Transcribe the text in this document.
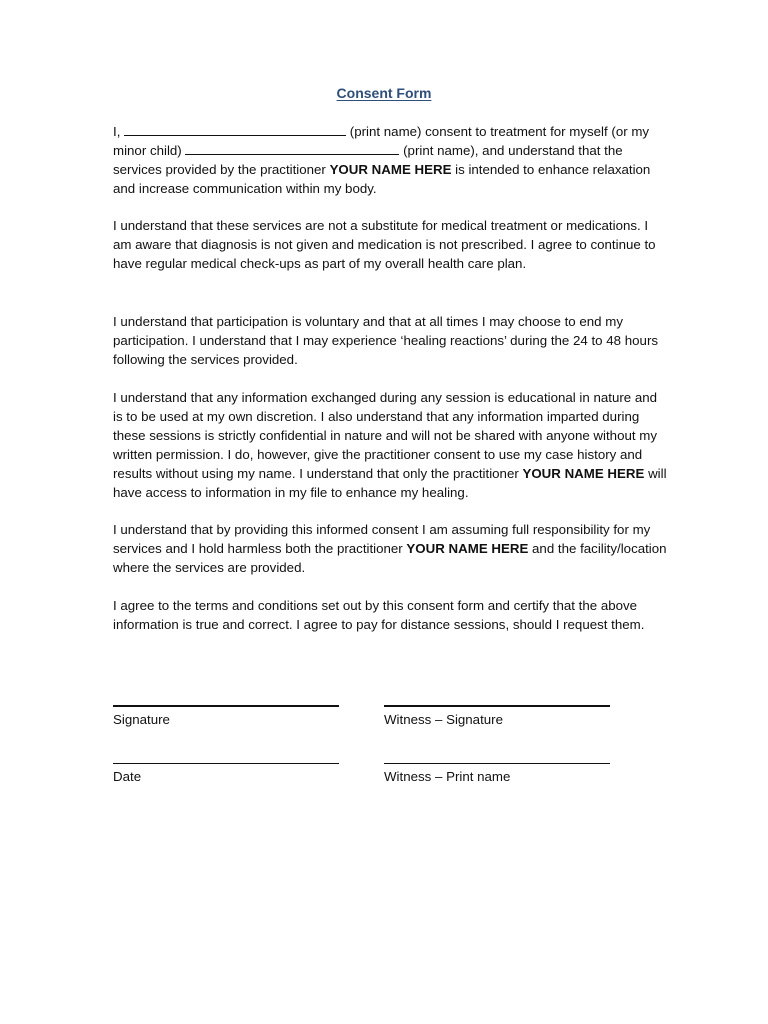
Consent Form

I,	(print name) consent to treatment for myself (or my minor child)	(print name), and understand that the services provided by the practitioner YOUR NAME HERE is intended to enhance relaxation and increase communication within my body.

I understand that these services are not a substitute for medical treatment or medications. I am aware that diagnosis is not given and medication is not prescribed. I agree to continue to have regular medical check-ups as part of my overall health care plan.

I understand that participation is voluntary and that at all times I may choose to end my participation. I understand that I may experience ‘healing reactions’ during the 24 to 48 hours following the services provided.

I understand that any information exchanged during any session is educational in nature and is to be used at my own discretion. I also understand that any information imparted during these sessions is strictly confidential in nature and will not be shared with anyone without my written permission. I do, however, give the practitioner consent to use my case history and results without using my name. I understand that only the practitioner YOUR NAME HERE will have access to information in my file to enhance my healing.

I understand that by providing this informed consent I am assuming full responsibility for my services and I hold harmless both the practitioner YOUR NAME HERE and the facility/location where the services are provided.

I agree to the terms and conditions set out by this consent form and certify that the above information is true and correct. I agree to pay for distance sessions, should I request them.

Signature	Witness – Signature
Date	Witness – Print name
